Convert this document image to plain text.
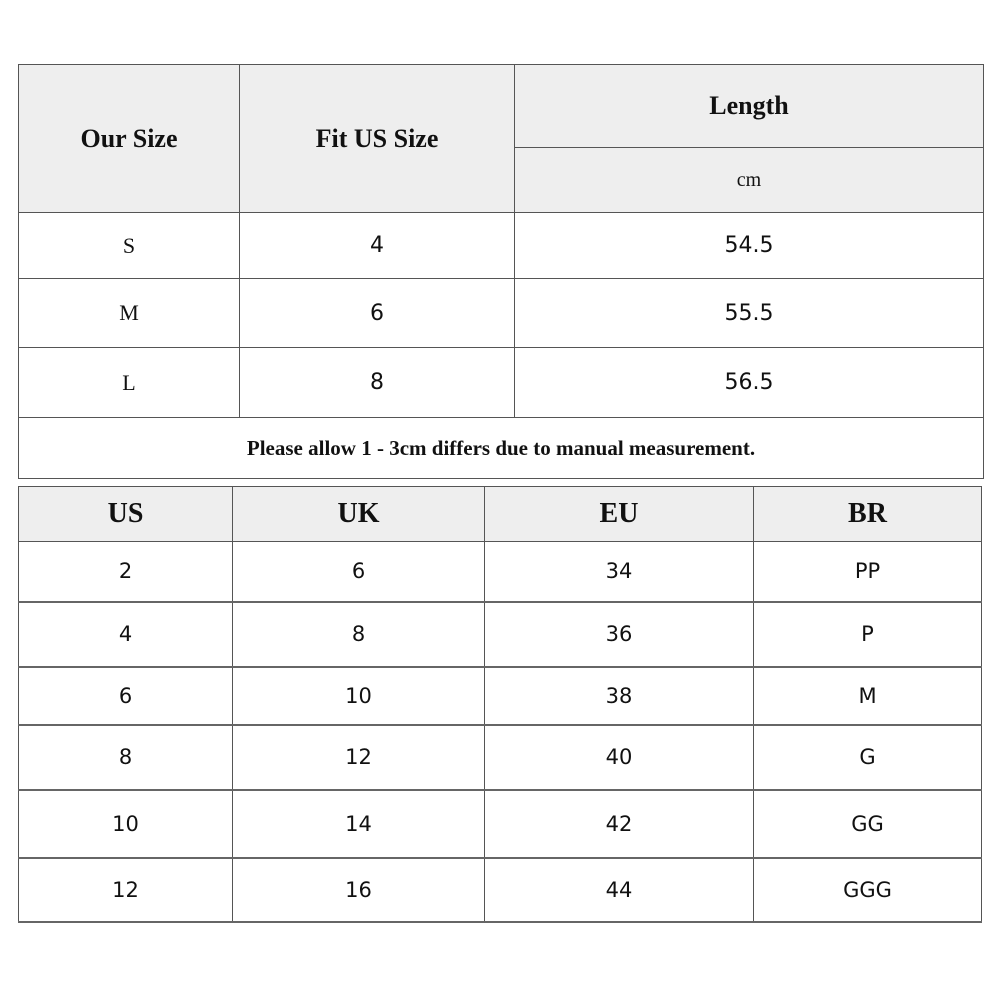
Our Size	Fit US Size	Length
		cm
S	4	54.5
M	6	55.5
L	8	56.5
Please allow 1 - 3cm differs due to manual measurement.		
US	UK	EU	BR
2	6	34	PP
4	8	36	P
6	10	38	M
8	12	40	G
10	14	42	GG
12	16	44	GGG
